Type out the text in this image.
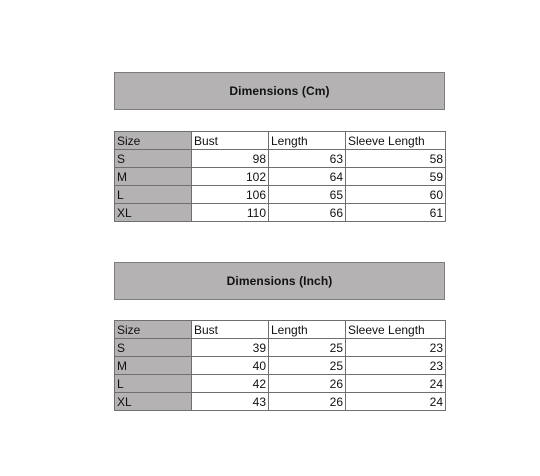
Dimensions (Cm)
Size	Bust	Length	Sleeve Length
S	98	63	58
M	102	64	59
L	106	65	60
XL	110	66	61
Dimensions (Inch)
Size	Bust	Length	Sleeve Length
S	39	25	23
M	40	25	23
L	42	26	24
XL	43	26	24
